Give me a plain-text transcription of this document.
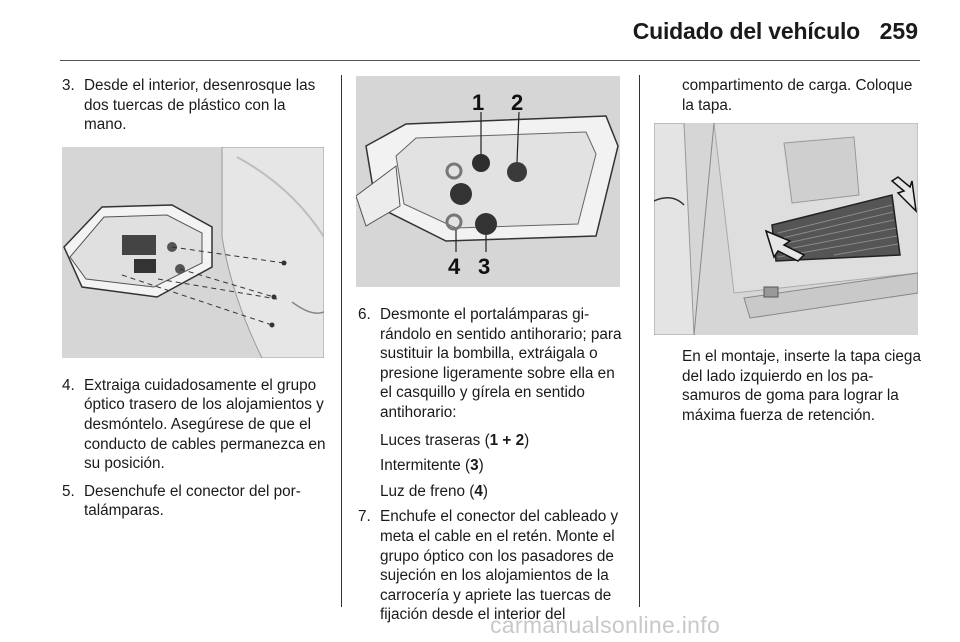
Cuidado del vehículo 259
3. Desde el interior, desenrosque las dos tuercas de plástico con la mano.
4. Extraiga cuidadosamente el grupo óptico trasero de los alojamientos y desmóntelo. Asegúrese de que el conducto de cables permanezca en su posición.
5. Desenchufe el conector del portalámparas.
1 2
4 3
6. Desmonte el portalámparas girándolo en sentido antihorario; para sustituir la bombilla, extráigala o presione ligeramente sobre ella en el casquillo y gírela en sentido antihorario:
Luces traseras (1 + 2)
Intermitente (3)
Luz de freno (4)
7. Enchufe el conector del cableado y meta el cable en el retén. Monte el grupo óptico con los pasadores de sujeción en los alojamientos de la carrocería y apriete las tuercas de fijación desde el interior del
compartimento de carga. Coloque la tapa.
En el montaje, inserte la tapa ciega del lado izquierdo en los pasamuros de goma para lograr la máxima fuerza de retención.
carmanualsonline.info
